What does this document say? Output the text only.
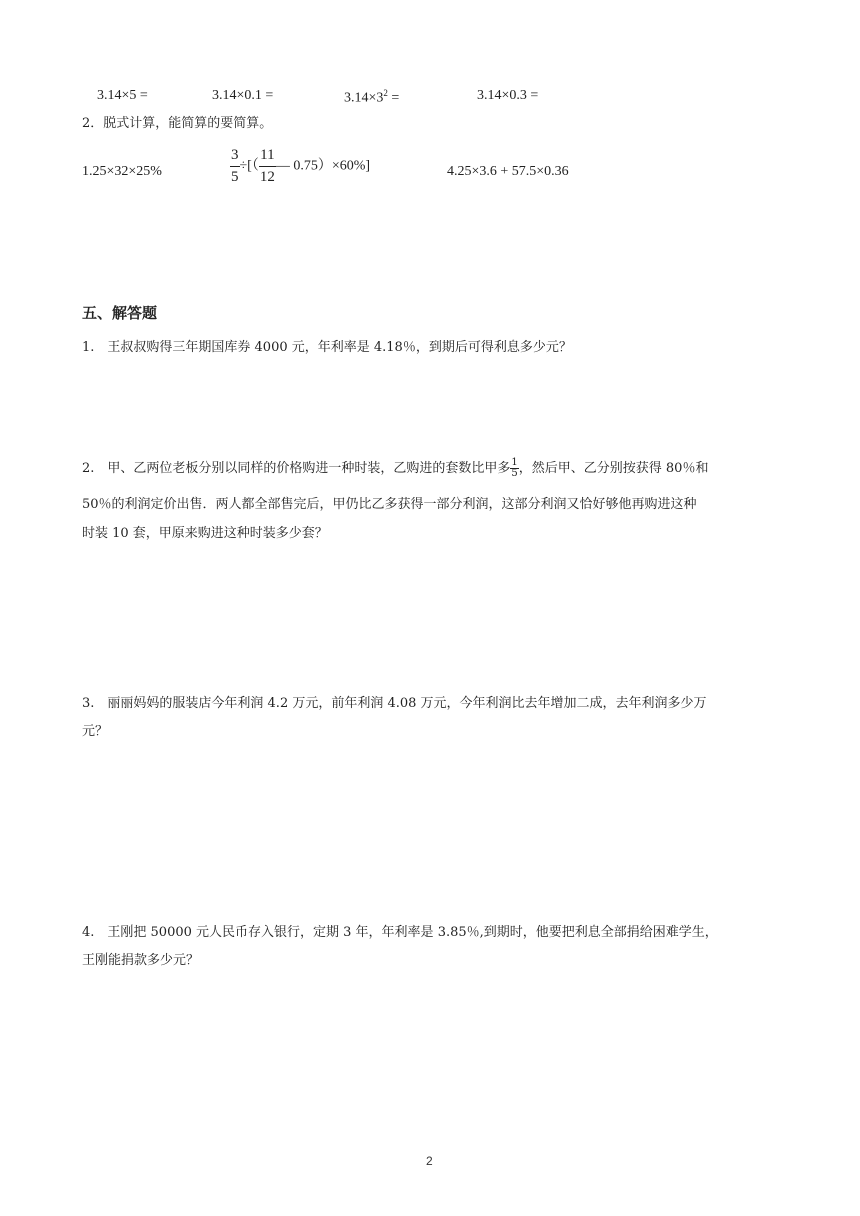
3.14×5 =	3.14×0.1 =	$3.14\times 3^2$ =	3.14×0.3 =
2．脱式计算，能简算的要简算。
1.25×32×25%	$\frac{3}{5}$ ÷[（ $\frac{11}{12}$ — 0.75）×60%]	4.25×3.6 + 57.5×0.36
五、解答题
1.　王叔叔购得三年期国库券 4000 元，年利率是 4.18％，到期后可得利息多少元？
2.　甲、乙两位老板分别以同样的价格购进一种时装，乙购进的套数比甲多 $\frac{1}{5}$ ，然后甲、乙分别按获得 80％和
50％的利润定价出售．两人都全部售完后，甲仍比乙多获得一部分利润，这部分利润又恰好够他再购进这种
时装 10 套，甲原来购进这种时装多少套？
3.　丽丽妈妈的服装店今年利润 4.2 万元，前年利润 4.08 万元，今年利润比去年增加二成，去年利润多少万
元？
4.　王刚把 50000 元人民币存入银行，定期 3 年，年利率是 3.85％,到期时，他要把利息全部捐给困难学生，
王刚能捐款多少元？
2
